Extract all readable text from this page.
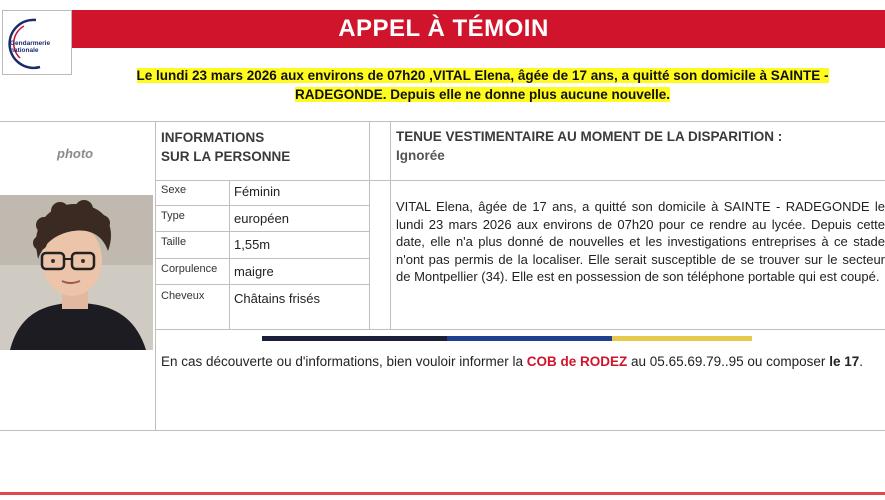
Gendarmerie nationale
APPEL À TÉMOIN
Le lundi 23 mars 2026 aux environs de 07h20 ,VITAL Elena, âgée de 17 ans, a quitté son domicile à SAINTE -
RADEGONDE. Depuis elle ne donne plus aucune nouvelle.
photo
INFORMATIONS
SUR LA PERSONNE
Sexe	Féminin
Type	européen
Taille	1,55m
Corpulence maigre
Cheveux Châtains frisés
TENUE VESTIMENTAIRE AU MOMENT DE LA DISPARITION :
Ignorée
VITAL Elena, âgée de 17 ans, a quitté son domicile à SAINTE - RADEGONDE le lundi 23 mars 2026 aux environs de 07h20 pour ce rendre au lycée. Depuis cette date, elle n'a plus donné de nouvelles et les investigations entreprises à ce stade n'ont pas permis de la localiser. Elle serait susceptible de se trouver sur le secteur de Montpellier (34). Elle est en possession de son téléphone portable qui est coupé.
En cas découverte ou d'informations, bien vouloir informer la COB de RODEZ au 05.65.69.79..95 ou composer le 17.
